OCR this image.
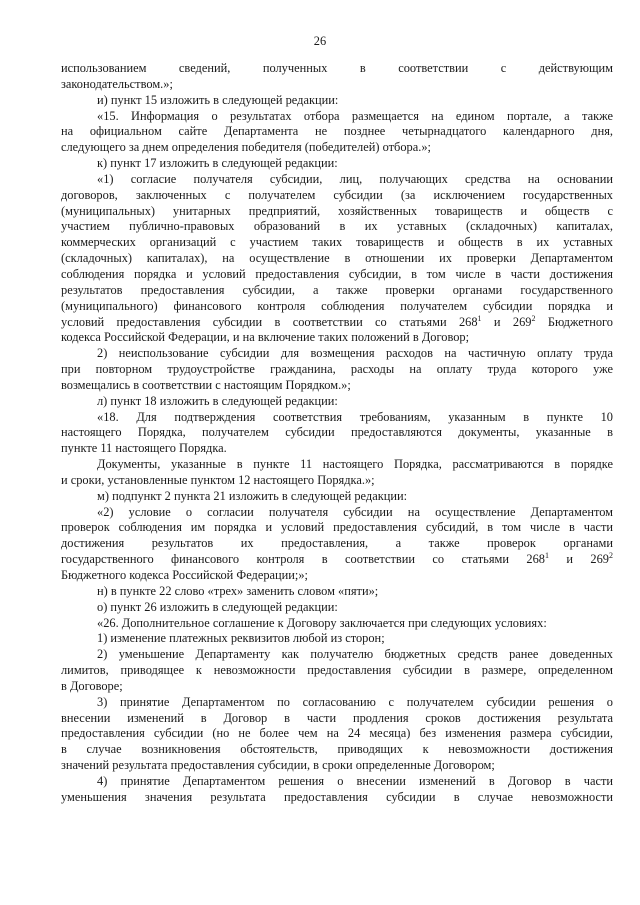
26
использованием сведений, полученных в соответствии с действующим
законодательством.»;
и) пункт 15 изложить в следующей редакции:
«15. Информация о результатах отбора размещается на едином портале, а также
на официальном сайте Департамента не позднее четырнадцатого календарного дня,
следующего за днем определения победителя (победителей) отбора.»;
к) пункт 17 изложить в следующей редакции:
«1) согласие получателя субсидии, лиц, получающих средства на основании
договоров, заключенных с получателем субсидии (за исключением государственных
(муниципальных) унитарных предприятий, хозяйственных товариществ и обществ с
участием публично-правовых образований в их уставных (складочных) капиталах,
коммерческих организаций с участием таких товариществ и обществ в их уставных
(складочных) капиталах), на осуществление в отношении их проверки Департаментом
соблюдения порядка и условий предоставления субсидии, в том числе в части достижения
результатов предоставления субсидии, а также проверки органами государственного
(муниципального) финансового контроля соблюдения получателем субсидии порядка и
условий предоставления субсидии в соответствии со статьями $268^1$ и $269^2$ Бюджетного
кодекса Российской Федерации, и на включение таких положений в Договор;
2) неиспользование субсидии для возмещения расходов на частичную оплату труда
при повторном трудоустройстве гражданина, расходы на оплату труда которого уже
возмещались в соответствии с настоящим Порядком.»;
л) пункт 18 изложить в следующей редакции:
«18. Для подтверждения соответствия требованиям, указанным в пункте 10
настоящего Порядка, получателем субсидии предоставляются документы, указанные в
пункте 11 настоящего Порядка.
Документы, указанные в пункте 11 настоящего Порядка, рассматриваются в порядке
и сроки, установленные пунктом 12 настоящего Порядка.»;
м) подпункт 2 пункта 21 изложить в следующей редакции:
«2) условие о согласии получателя субсидии на осуществление Департаментом
проверок соблюдения им порядка и условий предоставления субсидий, в том числе в части
достижения результатов их предоставления, а также проверок органами
государственного финансового контроля в соответствии со статьями $268^1$ и $269^2$
Бюджетного кодекса Российской Федерации;»;
н) в пункте 22 слово «трех» заменить словом «пяти»;
о) пункт 26 изложить в следующей редакции:
«26. Дополнительное соглашение к Договору заключается при следующих условиях:
1) изменение платежных реквизитов любой из сторон;
2) уменьшение Департаменту как получателю бюджетных средств ранее доведенных
лимитов, приводящее к невозможности предоставления субсидии в размере, определенном
в Договоре;
3) принятие Департаментом по согласованию с получателем субсидии решения о
внесении изменений в Договор в части продления сроков достижения результата
предоставления субсидии (но не более чем на 24 месяца) без изменения размера субсидии,
в случае возникновения обстоятельств, приводящих к невозможности достижения
значений результата предоставления субсидии, в сроки определенные Договором;
4) принятие Департаментом решения о внесении изменений в Договор в части
уменьшения значения результата предоставления субсидии в случае невозможности
